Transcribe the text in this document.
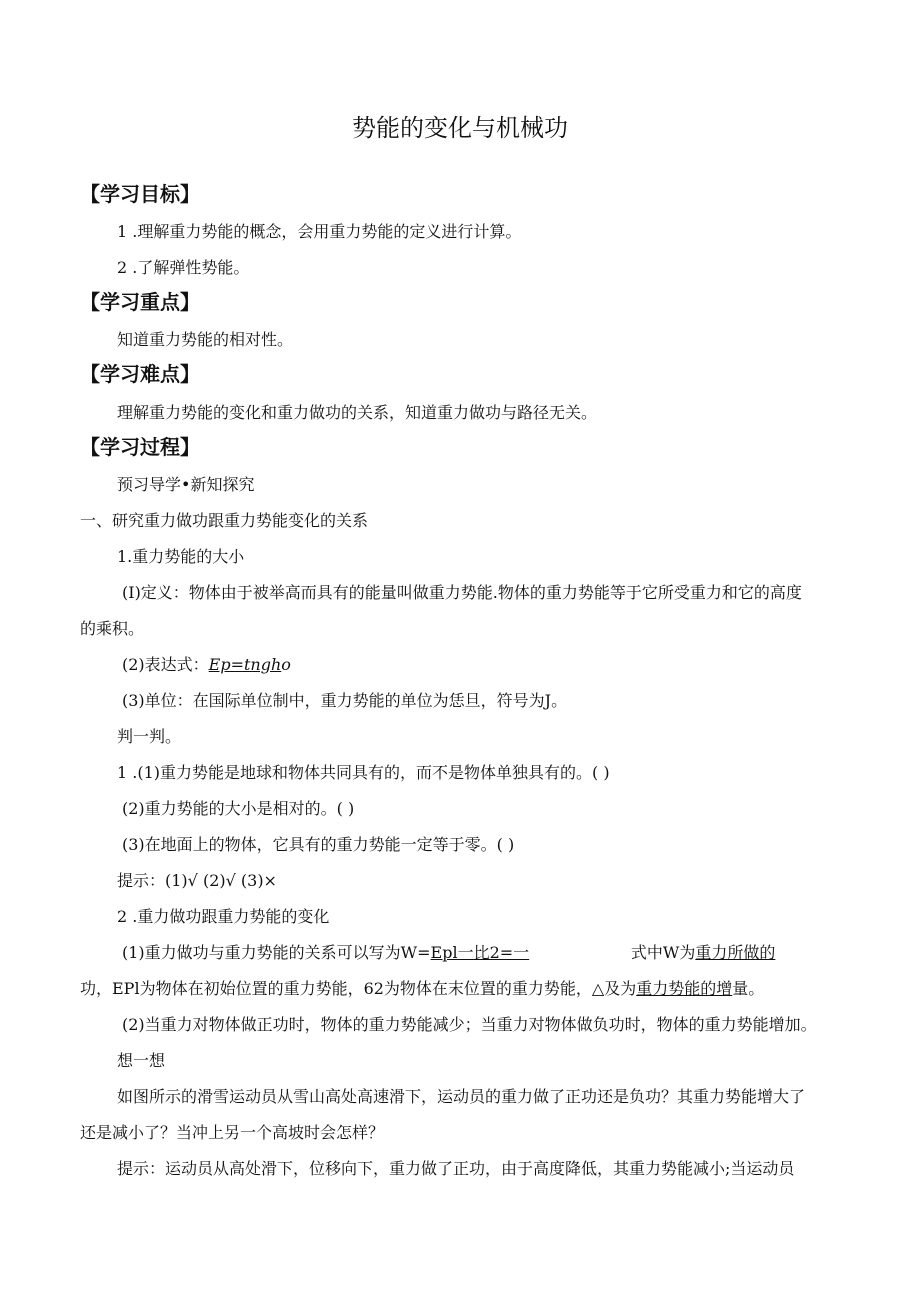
势能的变化与机械功
【学习目标】
1 .理解重力势能的概念，会用重力势能的定义进行计算。
2 .了解弹性势能。
【学习重点】
知道重力势能的相对性。
【学习难点】
理解重力势能的变化和重力做功的关系，知道重力做功与路径无关。
【学习过程】
预习导学•新知探究
一、研究重力做功跟重力势能变化的关系
1.重力势能的大小
(I)定义：物体由于被举高而具有的能量叫做重力势能.物体的重力势能等于它所受重力和它的高度
的乘积。
(2)表达式：Ep=tngho
(3)单位：在国际单位制中，重力势能的单位为恁旦，符号为J。
判一判。
1 .(1)重力势能是地球和物体共同具有的，而不是物体单独具有的。( )
(2)重力势能的大小是相对的。( )
(3)在地面上的物体，它具有的重力势能一定等于零。( )
提示：(1)√ (2)√ (3)×
2 .重力做功跟重力势能的变化
(1)重力做功与重力势能的关系可以写为W=Epl一比2=一                    式中W为重力所做的
功，EPl为物体在初始位置的重力势能，62为物体在末位置的重力势能，△及为重力势能的增量。
(2)当重力对物体做正功时，物体的重力势能减少；当重力对物体做负功时，物体的重力势能增加。
想一想
如图所示的滑雪运动员从雪山高处高速滑下，运动员的重力做了正功还是负功？其重力势能增大了
还是减小了？当冲上另一个高坡时会怎样？
提示：运动员从高处滑下，位移向下，重力做了正功，由于高度降低，其重力势能减小;当运动员
